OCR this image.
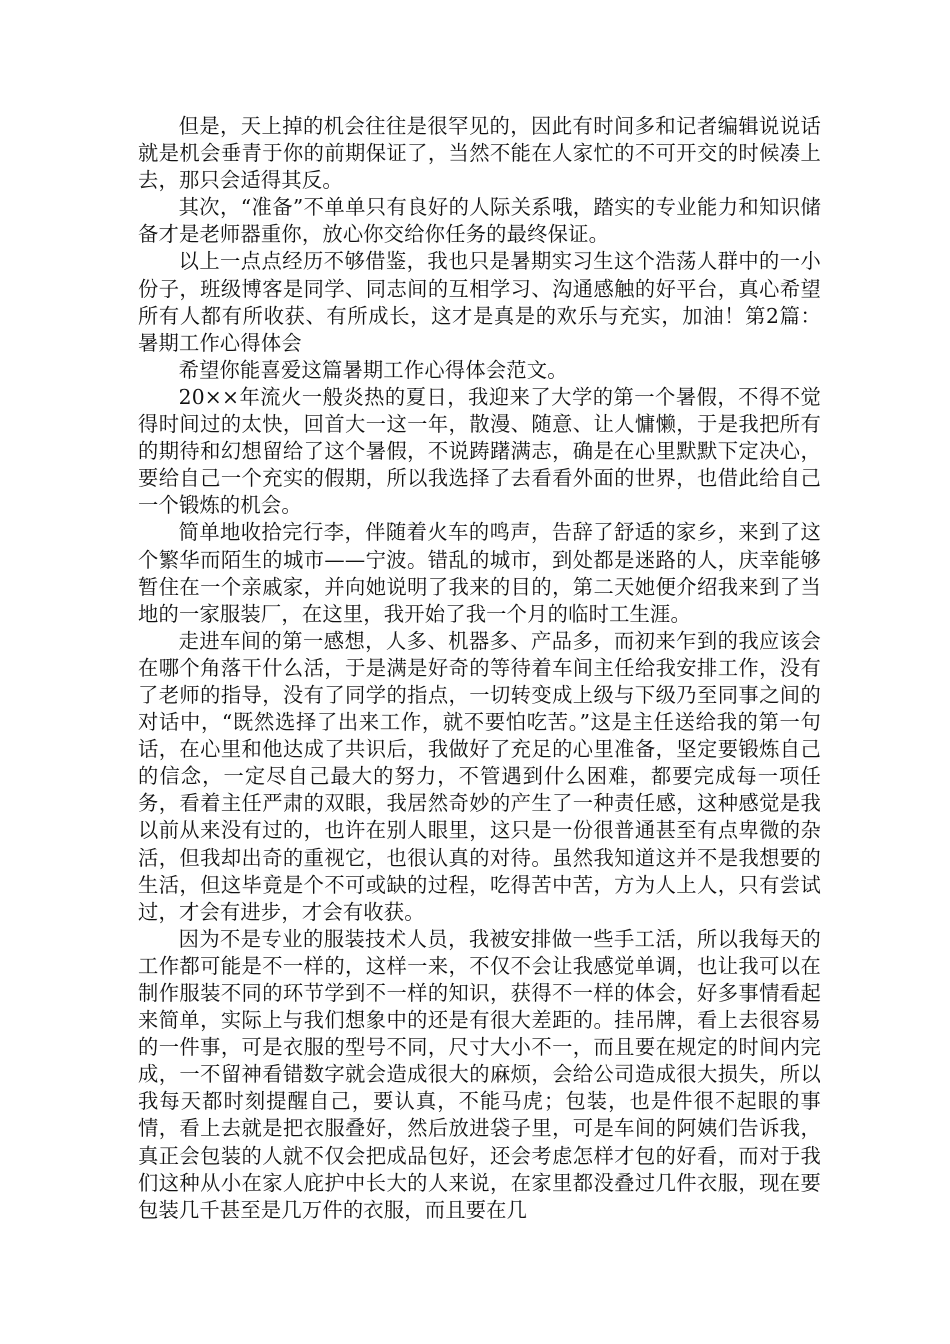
但是，天上掉的机会往往是很罕见的，因此有时间多和记者编辑说说话就是机会垂青于你的前期保证了，当然不能在人家忙的不可开交的时候凑上去，那只会适得其反。

其次，“准备”不单单只有良好的人际关系哦，踏实的专业能力和知识储备才是老师器重你，放心你交给你任务的最终保证。

以上一点点经历不够借鉴，我也只是暑期实习生这个浩荡人群中的一小份子，班级博客是同学、同志间的互相学习、沟通感触的好平台，真心希望所有人都有所收获、有所成长，这才是真是的欢乐与充实，加油！第2篇：暑期工作心得体会

希望你能喜爱这篇暑期工作心得体会范文。

20××年流火一般炎热的夏日，我迎来了大学的第一个暑假，不得不觉得时间过的太快，回首大一这一年，散漫、随意、让人慵懒，于是我把所有的期待和幻想留给了这个暑假，不说踌躇满志，确是在心里默默下定决心，要给自己一个充实的假期，所以我选择了去看看外面的世界，也借此给自己一个锻炼的机会。

简单地收拾完行李，伴随着火车的鸣声，告辞了舒适的家乡，来到了这个繁华而陌生的城市——宁波。错乱的城市，到处都是迷路的人，庆幸能够暂住在一个亲戚家，并向她说明了我来的目的，第二天她便介绍我来到了当地的一家服装厂，在这里，我开始了我一个月的临时工生涯。

走进车间的第一感想，人多、机器多、产品多，而初来乍到的我应该会在哪个角落干什么活，于是满是好奇的等待着车间主任给我安排工作，没有了老师的指导，没有了同学的指点，一切转变成上级与下级乃至同事之间的对话中，“既然选择了出来工作，就不要怕吃苦。”这是主任送给我的第一句话，在心里和他达成了共识后，我做好了充足的心里准备，坚定要锻炼自己的信念，一定尽自己最大的努力，不管遇到什么困难，都要完成每一项任务，看着主任严肃的双眼，我居然奇妙的产生了一种责任感，这种感觉是我以前从来没有过的，也许在别人眼里，这只是一份很普通甚至有点卑微的杂活，但我却出奇的重视它，也很认真的对待。虽然我知道这并不是我想要的生活，但这毕竟是个不可或缺的过程，吃得苦中苦，方为人上人，只有尝试过，才会有进步，才会有收获。

因为不是专业的服装技术人员，我被安排做一些手工活，所以我每天的工作都可能是不一样的，这样一来，不仅不会让我感觉单调，也让我可以在制作服装不同的环节学到不一样的知识，获得不一样的体会，好多事情看起来简单，实际上与我们想象中的还是有很大差距的。挂吊牌，看上去很容易的一件事，可是衣服的型号不同，尺寸大小不一，而且要在规定的时间内完成，一不留神看错数字就会造成很大的麻烦，会给公司造成很大损失，所以我每天都时刻提醒自己，要认真，不能马虎；包装，也是件很不起眼的事情，看上去就是把衣服叠好，然后放进袋子里，可是车间的阿姨们告诉我，真正会包装的人就不仅会把成品包好，还会考虑怎样才包的好看，而对于我们这种从小在家人庇护中长大的人来说，在家里都没叠过几件衣服，现在要包装几千甚至是几万件的衣服，而且要在几
